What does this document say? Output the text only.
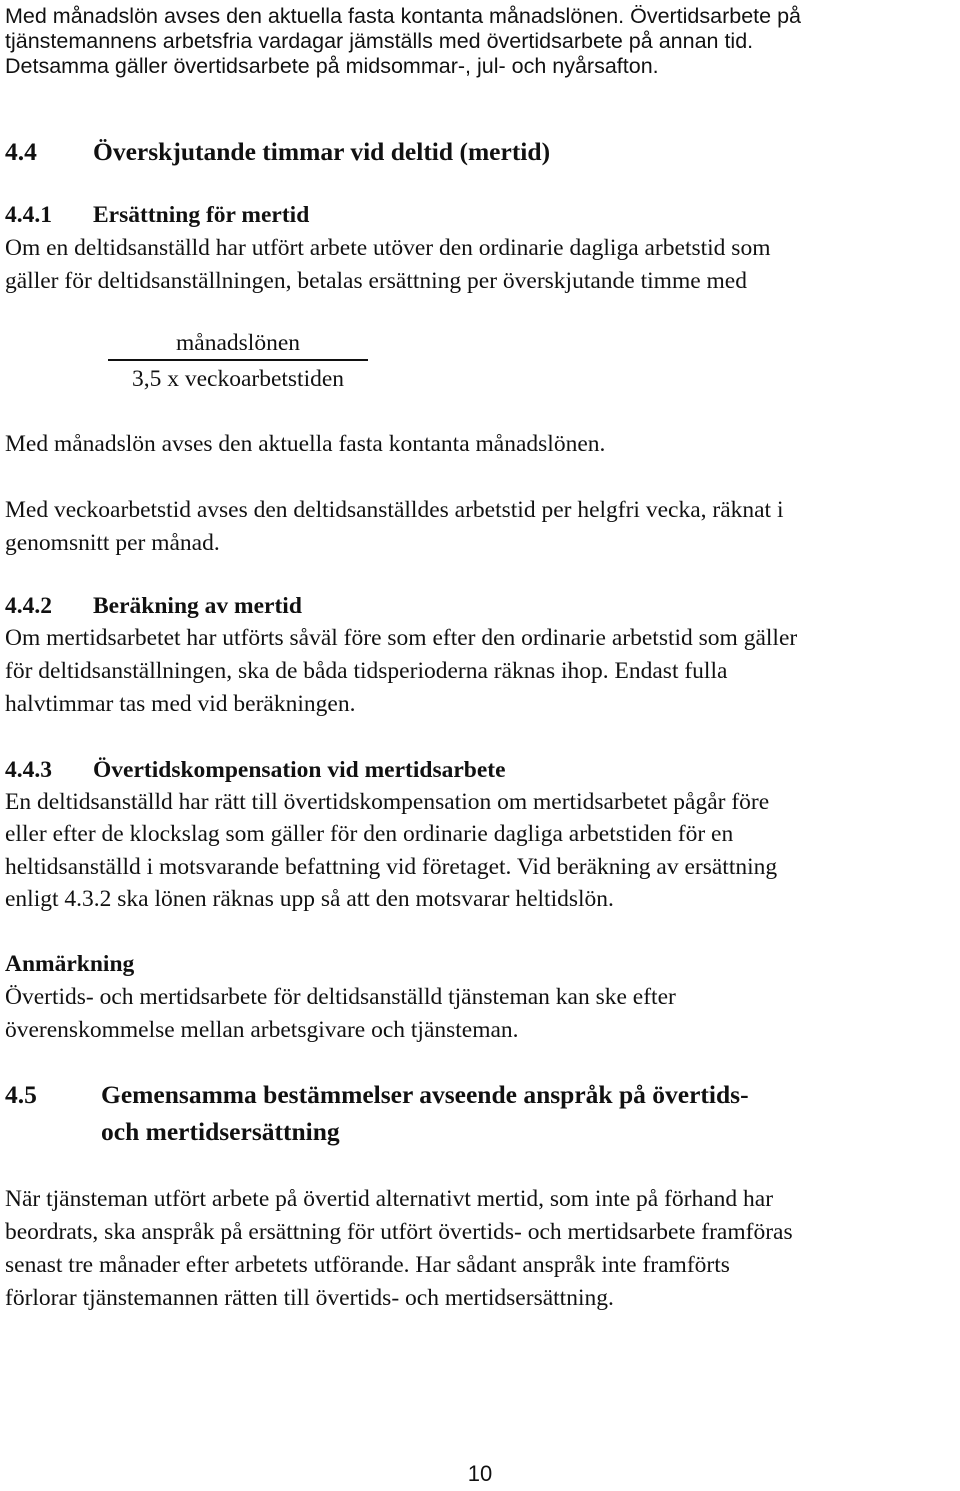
Med månadslön avses den aktuella fasta kontanta månadslönen. Övertidsarbete på
tjänstemannens arbetsfria vardagar jämställs med övertidsarbete på annan tid.
Detsamma gäller övertidsarbete på midsommar-, jul- och nyårsafton.
4.4 Överskjutande timmar vid deltid (mertid)
4.4.1 Ersättning för mertid
Om en deltidsanställd har utfört arbete utöver den ordinarie dagliga arbetstid som
gäller för deltidsanställningen, betalas ersättning per överskjutande timme med
månadslönen
3,5 x veckoarbetstiden
Med månadslön avses den aktuella fasta kontanta månadslönen.
Med veckoarbetstid avses den deltidsanställdes arbetstid per helgfri vecka, räknat i
genomsnitt per månad.
4.4.2 Beräkning av mertid
Om mertidsarbetet har utförts såväl före som efter den ordinarie arbetstid som gäller
för deltidsanställningen, ska de båda tidsperioderna räknas ihop. Endast fulla
halvtimmar tas med vid beräkningen.
4.4.3 Övertidskompensation vid mertidsarbete
En deltidsanställd har rätt till övertidskompensation om mertidsarbetet pågår före
eller efter de klockslag som gäller för den ordinarie dagliga arbetstiden för en
heltidsanställd i motsvarande befattning vid företaget. Vid beräkning av ersättning
enligt 4.3.2 ska lönen räknas upp så att den motsvarar heltidslön.
Anmärkning
Övertids- och mertidsarbete för deltidsanställd tjänsteman kan ske efter
överenskommelse mellan arbetsgivare och tjänsteman.
4.5	Gemensamma bestämmelser avseende anspråk på övertids-
och mertidsersättning
När tjänsteman utfört arbete på övertid alternativt mertid, som inte på förhand har
beordrats, ska anspråk på ersättning för utfört övertids- och mertidsarbete framföras
senast tre månader efter arbetets utförande. Har sådant anspråk inte framförts
förlorar tjänstemannen rätten till övertids- och mertidsersättning.
10
